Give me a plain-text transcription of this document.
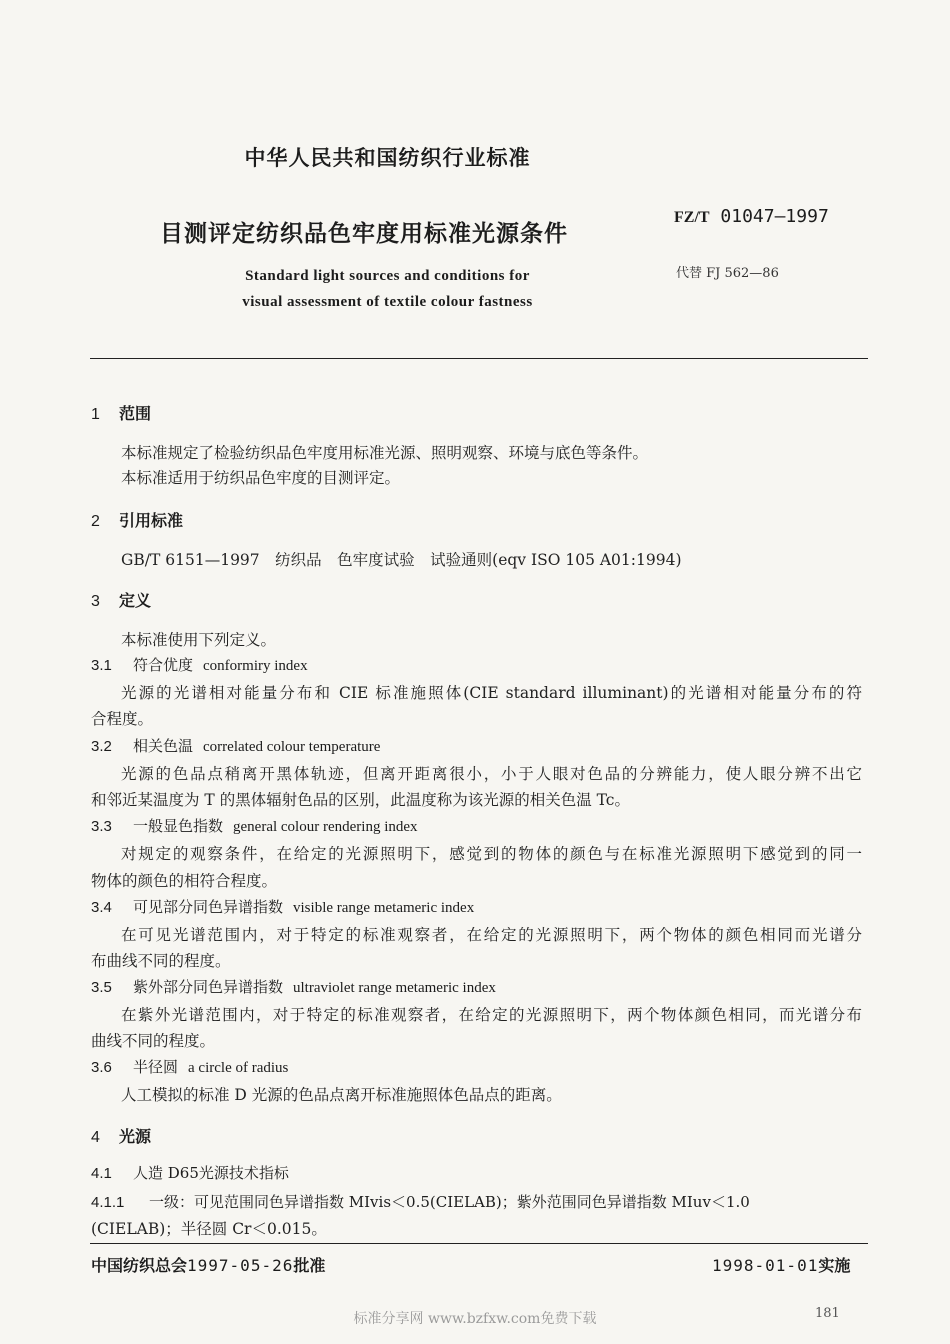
中华人民共和国纺织行业标准
目测评定纺织品色牢度用标准光源条件
FZ/T 01047—1997
代替 FJ 562—86
Standard light sources and conditions for
visual assessment of textile colour fastness
1 范围
本标准规定了检验纺织品色牢度用标准光源、照明观察、环境与底色等条件。
本标准适用于纺织品色牢度的目测评定。
2 引用标准
GB/T 6151—1997　纺织品　色牢度试验　试验通则(eqv ISO 105 A01:1994)
3 定义
本标准使用下列定义。
3.1 符合优度 conformiry index
光源的光谱相对能量分布和 CIE 标准施照体(CIE standard illuminant)的光谱相对能量分布的符
合程度。
3.2 相关色温 correlated colour temperature
光源的色品点稍离开黑体轨迹，但离开距离很小，小于人眼对色品的分辨能力，使人眼分辨不出它
和邻近某温度为 T 的黑体辐射色品的区别，此温度称为该光源的相关色温 Tc。
3.3 一般显色指数 general colour rendering index
对规定的观察条件，在给定的光源照明下，感觉到的物体的颜色与在标准光源照明下感觉到的同一
物体的颜色的相符合程度。
3.4 可见部分同色异谱指数 visible range metameric index
在可见光谱范围内，对于特定的标准观察者，在给定的光源照明下，两个物体的颜色相同而光谱分
布曲线不同的程度。
3.5 紫外部分同色异谱指数 ultraviolet range metameric index
在紫外光谱范围内，对于特定的标准观察者，在给定的光源照明下，两个物体颜色相同，而光谱分布
曲线不同的程度。
3.6 半径圆 a circle of radius
人工模拟的标准 D 光源的色品点离开标准施照体色品点的距离。
4 光源
4.1 人造 D65光源技术指标
4.1.1 一级：可见范围同色异谱指数 MIvis＜0.5(CIELAB)；紫外范围同色异谱指数 MIuv＜1.0
(CIELAB)；半径圆 Cr＜0.015。
中国纺织总会1997-05-26批准	1998-01-01实施
标准分享网 www.bzfxw.com免费下载	181
